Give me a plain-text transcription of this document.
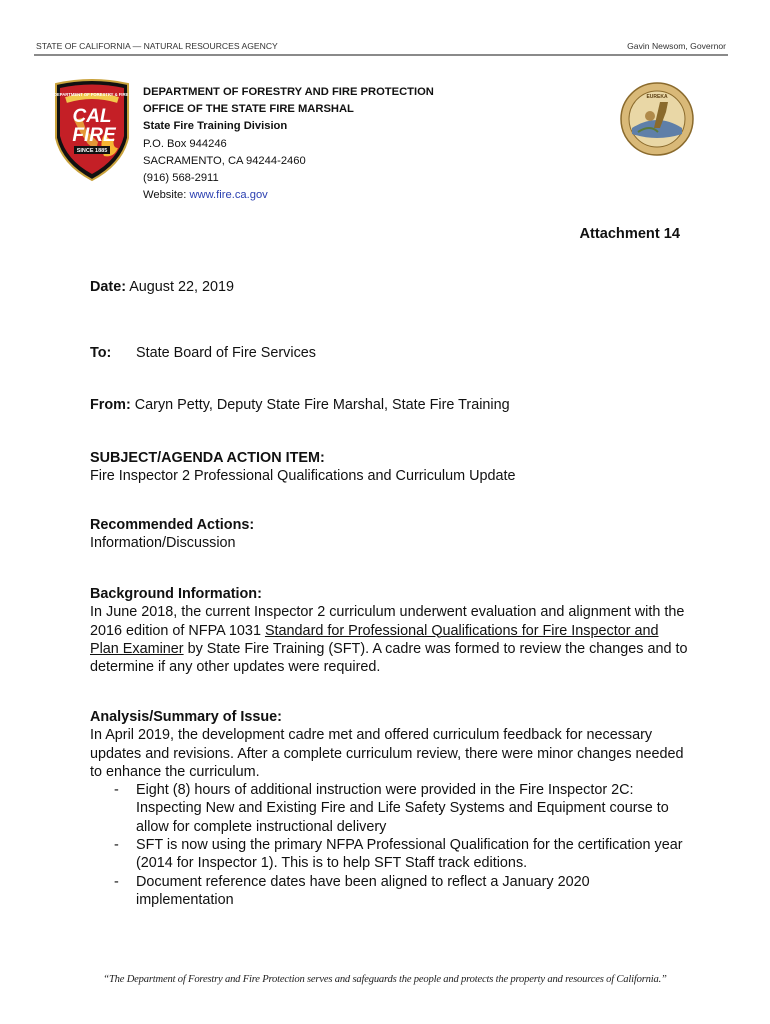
STATE OF CALIFORNIA — NATURAL RESOURCES AGENCY	Gavin Newsom, Governor
CALIFORNIA DEPARTMENT OF FORESTRY & FIRE PROTECTION
CAL
FIRE
SINCE 1885
EUREKA
DEPARTMENT OF FORESTRY AND FIRE PROTECTION
OFFICE OF THE STATE FIRE MARSHAL
State Fire Training Division
P.O. Box 944246
SACRAMENTO, CA 94244-2460
(916) 568-2911
Website: www.fire.ca.gov
Attachment 14
Date: August 22, 2019
To: State Board of Fire Services
From: Caryn Petty, Deputy State Fire Marshal, State Fire Training
SUBJECT/AGENDA ACTION ITEM:
Fire Inspector 2 Professional Qualifications and Curriculum Update
Recommended Actions:
Information/Discussion
Background Information:
In June 2018, the current Inspector 2 curriculum underwent evaluation and alignment with the 2016 edition of NFPA 1031 Standard for Professional Qualifications for Fire Inspector and Plan Examiner by State Fire Training (SFT). A cadre was formed to review the changes and to determine if any other updates were required.
Analysis/Summary of Issue:
In April 2019, the development cadre met and offered curriculum feedback for necessary updates and revisions. After a complete curriculum review, there were minor changes needed to enhance the curriculum.
- Eight (8) hours of additional instruction were provided in the Fire Inspector 2C: Inspecting New and Existing Fire and Life Safety Systems and Equipment course to allow for complete instructional delivery
- SFT is now using the primary NFPA Professional Qualification for the certification year (2014 for Inspector 1). This is to help SFT Staff track editions.
- Document reference dates have been aligned to reflect a January 2020 implementation
“The Department of Forestry and Fire Protection serves and safeguards the people and protects the property and resources of California.”
